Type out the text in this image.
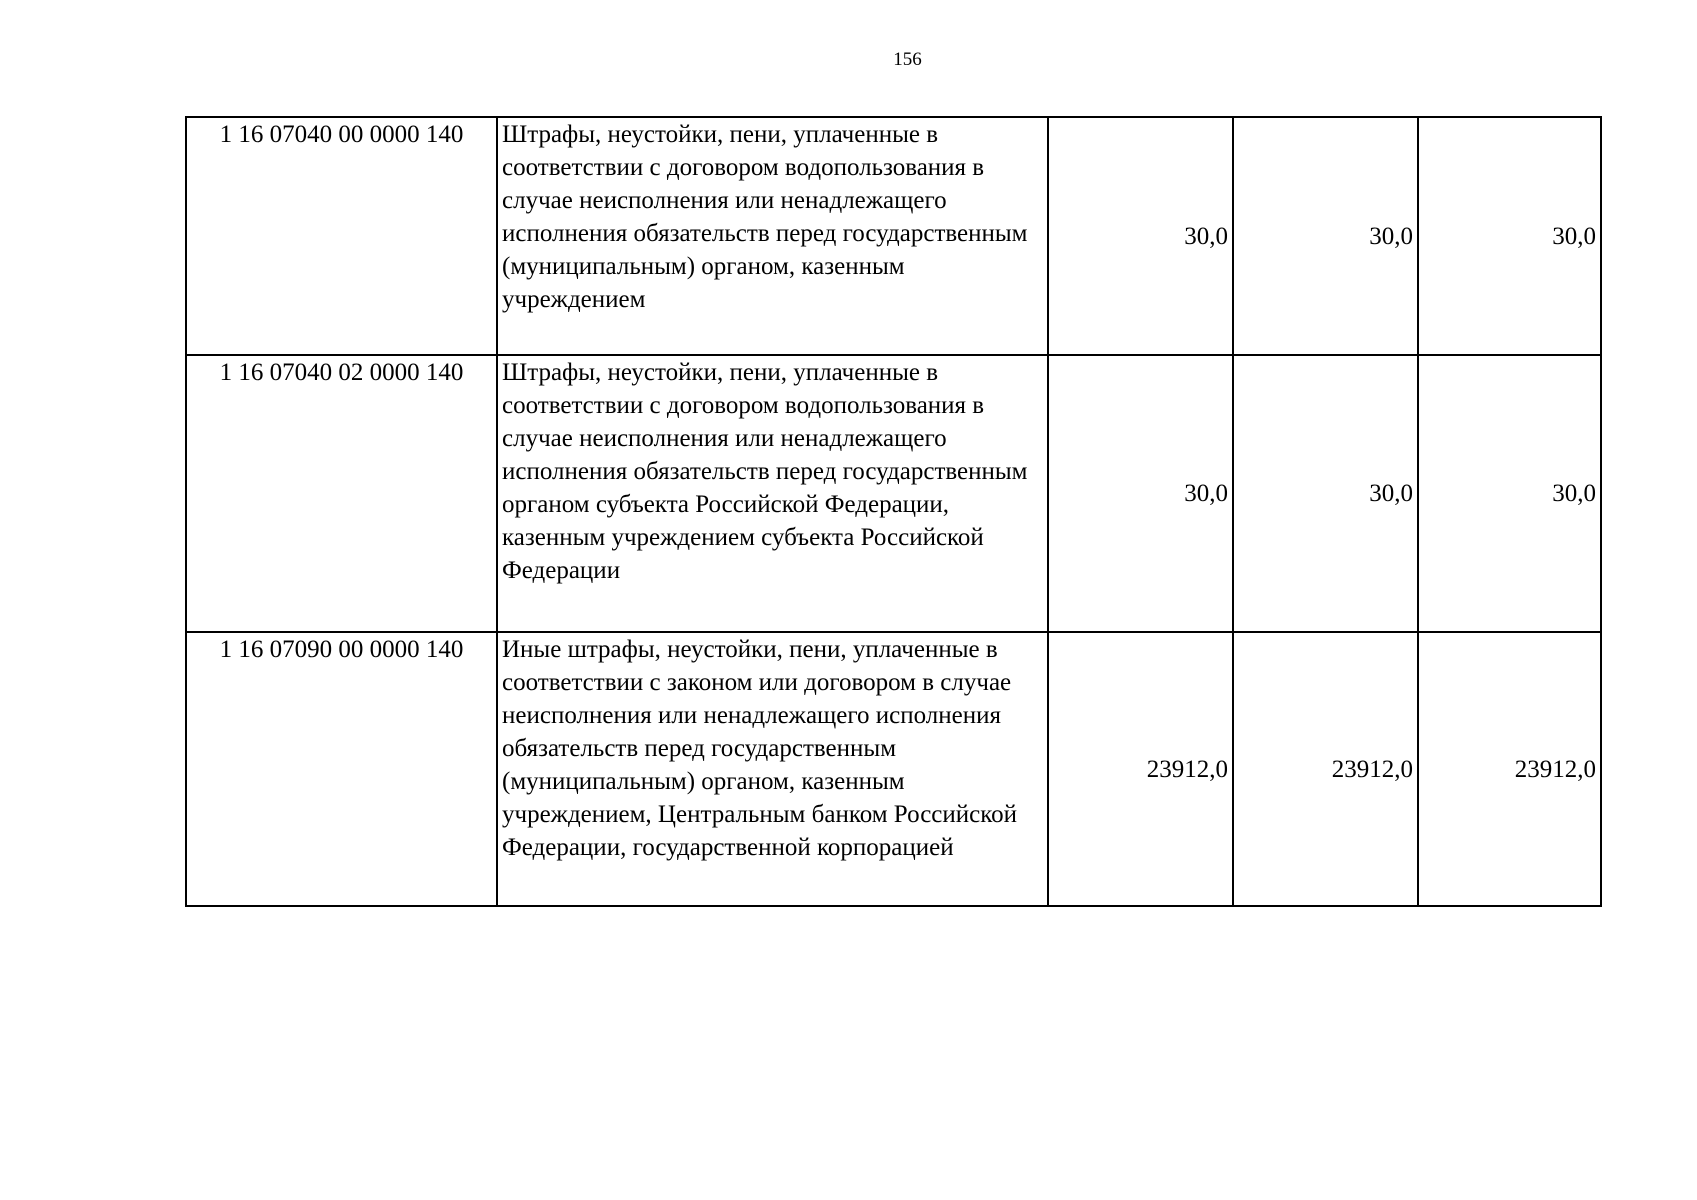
156
1 16 07040 00 0000 140	Штрафы, неустойки, пени, уплаченные в соответствии с договором водопользования в случае неисполнения или ненадлежащего исполнения обязательств перед государственным (муниципальным) органом, казенным учреждением	30,0	30,0	30,0
1 16 07040 02 0000 140	Штрафы, неустойки, пени, уплаченные в соответствии с договором водопользования в случае неисполнения или ненадлежащего исполнения обязательств перед государственным органом субъекта Российской Федерации, казенным учреждением субъекта Российской Федерации	30,0	30,0	30,0
1 16 07090 00 0000 140	Иные штрафы, неустойки, пени, уплаченные в соответствии с законом или договором в случае неисполнения или ненадлежащего исполнения обязательств перед государственным (муниципальным) органом, казенным учреждением, Центральным банком Российской Федерации, государственной корпорацией	23912,0	23912,0	23912,0
